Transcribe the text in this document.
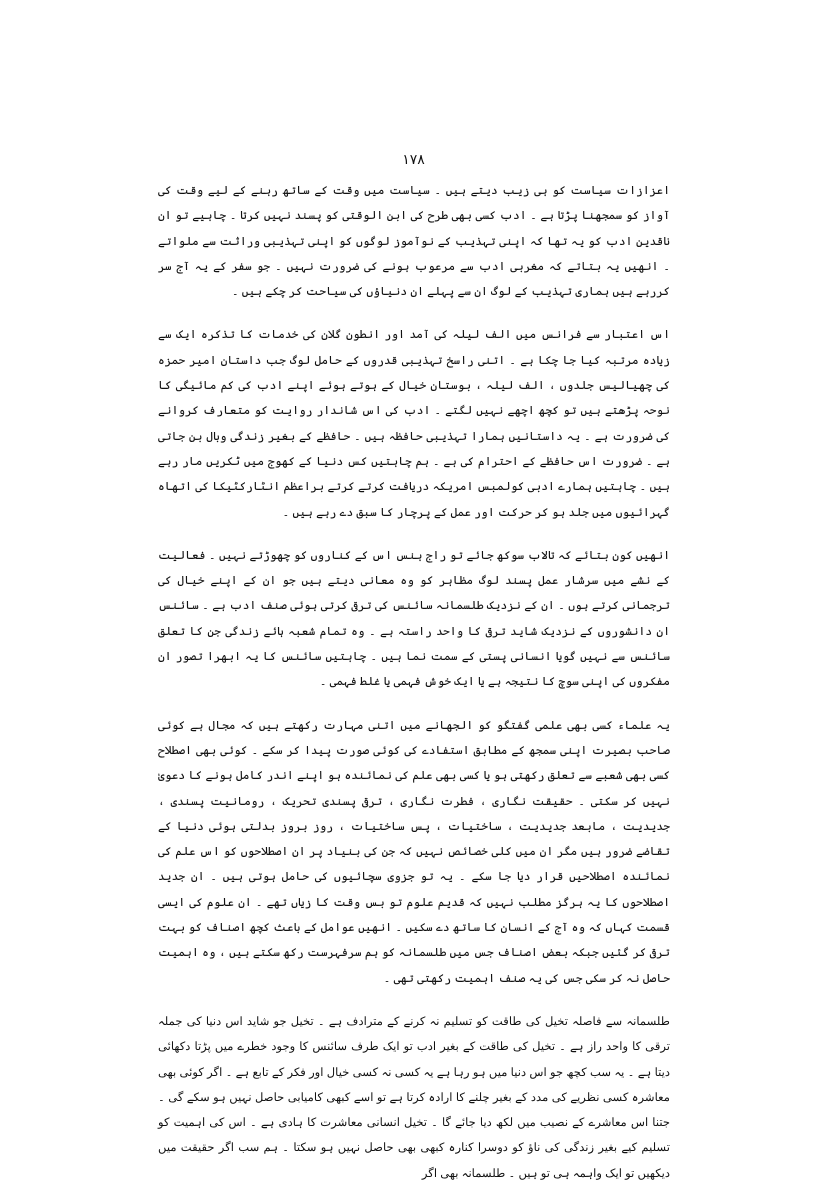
۱۷۸

اعزازات سیاست کو ہی زیب دیتے ہیں ۔ سیاست میں وقت کے ساتھ رہنے کے لیے وقت کی آواز کو سمجھنا پڑتا ہے ۔ ادب کسی بھی طرح کی ابن الوقتی کو پسند نہیں کرتا ۔ چاہیے تو ان ناقدین ادب کو یہ تھا کہ اپنی تہذیب کے نوآموز لوگوں کو اپنی تہذیبی وراثت سے ملواتے ۔ انھیں یہ بتاتے کہ مغربی ادب سے مرعوب ہونے کی ضرورت نہیں ۔ جو سفر کے یہ آج سر کررہے ہیں ہماری تہذیب کے لوگ ان سے پہلے ان دنیاؤں کی سیاحت کر چکے ہیں ۔

اس اعتبار سے فرانس میں الف لیلہ کی آمد اور انطون گلان کی خدمات کا تذکرہ ایک سے زیادہ مرتبہ کیا جا چکا ہے ۔ اتنی راسخ تہذیبی قدروں کے حامل لوگ جب داستان امیر حمزہ کی چھیالیس جلدوں ، الف لیلہ ، بوستان خیال کے ہوتے ہوئے اپنے ادب کی کم مائیگی کا نوحہ پڑھتے ہیں تو کچھ اچھے نہیں لگتے ۔ ادب کی اس شاندار روایت کو متعارف کروانے کی ضرورت ہے ۔ یہ داستانیں ہمارا تہذیبی حافظہ ہیں ۔ حافظے کے بغیر زندگی وبال بن جاتی ہے ۔ ضرورت اس حافظے کے احترام کی ہے ۔ ہم چاہتیں کس دنیا کے کھوج میں ٹکریں مار رہے ہیں ۔ چاہتیں ہمارے ادبی کولمبس امریکہ دریافت کرتے کرتے براعظم انٹارکٹیکا کی اتھاہ گہرائیوں میں جلد ہو کر حرکت اور عمل کے پرچار کا سبق دے رہے ہیں ۔

انھیں کون بتائے کہ تالاب سوکھ جائے تو راج ہنس اس کے کناروں کو چھوڑتے نہیں ۔ فعالیت کے نشے میں سرشار عمل پسند لوگ مظاہر کو وہ معانی دیتے ہیں جو ان کے اپنے خیال کی ترجمانی کرتے ہوں ۔ ان کے نزدیک طلسمانہ سائنس کی ترقی کرتی ہوئی صنف ادب ہے ۔ سائنس ان دانشوروں کے نزدیک شاید ترقی کا واحد راستہ ہے ۔ وہ تمام شعبہ ہائے زندگی جن کا تعلق سائنس سے نہیں گویا انسانی پستی کے سمت نما ہیں ۔ چاہتیں سائنس کا یہ ابھرا تصور ان مفکروں کی اپنی سوچ کا نتیجہ ہے یا ایک خوش فہمی یا غلط فہمی ۔

یہ علماء کسی بھی علمی گفتگو کو الجھانے میں اتنی مہارت رکھتے ہیں کہ مجال ہے کوئی صاحب بصیرت اپنی سمجھ کے مطابق استفادے کی کوئی صورت پیدا کر سکے ۔ کوئی بھی اصطلاح کسی بھی شعبے سے تعلق رکھتی ہو یا کسی بھی علم کی نمائندہ ہو اپنے اندر کامل ہونے کا دعویٰ نہیں کر سکتی ۔ حقیقت نگاری ، فطرت نگاری ، ترقی پسندی تحریک ، رومانیت پسندی ، جدیدیت ، مابعد جدیدیت ، ساختیات ، پس ساختیات ، روز بروز بدلتی ہوئی دنیا کے تقاضے ضرور ہیں مگر ان میں کلی خصائص نہیں کہ جن کی بنیاد پر ان اصطلاحوں کو اس علم کی نمائندہ اصطلاحیں قرار دیا جا سکے ۔ یہ تو جزوی سچائیوں کی حامل ہوتی ہیں ۔ ان جدید اصطلاحوں کا یہ ہرگز مطلب نہیں کہ قدیم علوم تو بس وقت کا زیاں تھے ۔ ان علوم کی ایسی قسمت کہاں کہ وہ آج کے انسان کا ساتھ دے سکیں ۔ انھیں عوامل کے باعث کچھ اصناف کو بہت ترقی کر گئیں جبکہ بعض اصناف جس میں طلسمانہ کو ہم سرفہرست رکھ سکتے ہیں ، وہ اہمیت حاصل نہ کر سکی جس کی یہ صنف اہمیت رکھتی تھی ۔

طلسمانہ سے فاصلہ تخیل کی طاقت کو تسلیم نہ کرنے کے مترادف ہے ۔ تخیل جو شاید اس دنیا کی جملہ ترقی کا واحد راز ہے ۔ تخیل کی طاقت کے بغیر ادب تو ایک طرف سائنس کا وجود خطرے میں پڑتا دکھائی دیتا ہے ۔ یہ سب کچھ جو اس دنیا میں ہو رہا ہے یہ کسی نہ کسی خیال اور فکر کے تابع ہے ۔ اگر کوئی بھی معاشرہ کسی نظریے کی مدد کے بغیر چلنے کا ارادہ کرتا ہے تو اسے کبھی کامیابی حاصل نہیں ہو سکے گی ۔ جتنا اس معاشرے کے نصیب میں لکھ دیا جائے گا ۔ تخیل انسانی معاشرت کا ہادی ہے ۔ اس کی اہمیت کو تسلیم کیے بغیر زندگی کی ناؤ کو دوسرا کنارہ کبھی بھی حاصل نہیں ہو سکتا ۔ ہم سب اگر حقیقت میں دیکھیں تو ایک واہمہ ہی تو ہیں ۔ طلسمانہ بھی اگر
